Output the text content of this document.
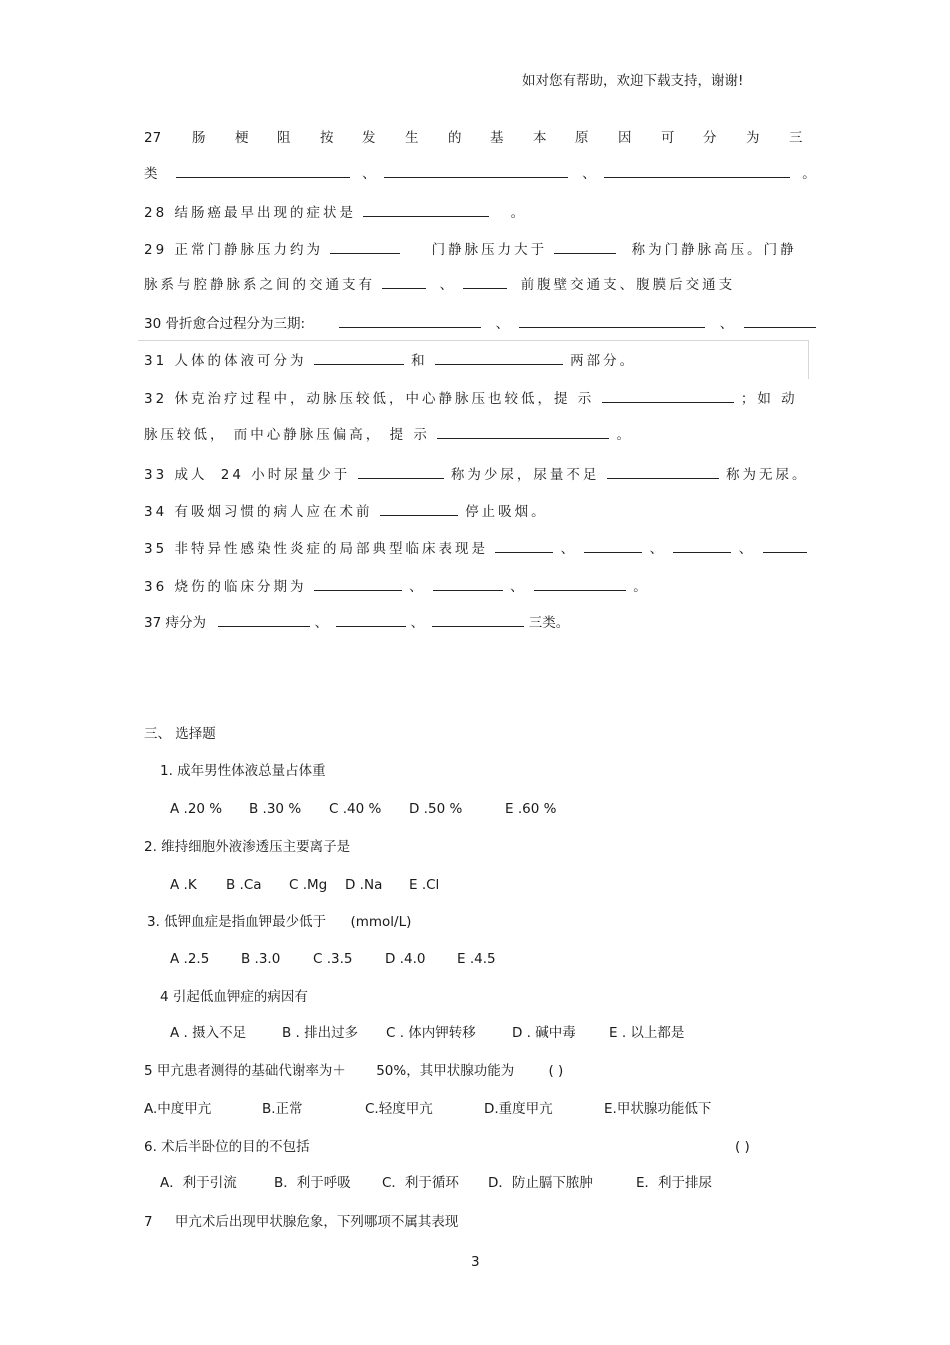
如对您有帮助，欢迎下载支持，谢谢!
27 肠 梗 阻 按 发 生 的 基 本 原 因 可 分 为 三
类	、	、	。
28 结肠癌最早出现的症状是	。
29 正常门静脉压力约为	门静脉压力大于	称为门静脉高压。门静
脉系与腔静脉系之间的交通支有	、	前腹壁交通支、腹膜后交通支
30 骨折愈合过程分为三期:	、	、
31 人体的体液可分为	和	两部分。
32 休克治疗过程中，动脉压较低，中心静脉压也较低，提 示	；如 动
脉压较低， 而中心静脉压偏高， 提 示	。
33 成人 24 小时尿量少于	称为少尿，尿量不足	称为无尿。
34 有吸烟习惯的病人应在术前	停止吸烟。
35 非特异性感染性炎症的局部典型临床表现是	、	、	、
36 烧伤的临床分期为	、	、	。
37 痔分为	、	、	三类。
三、 选择题
1. 成年男性体液总量占体重
A .20 % B .30 % C .40 % D .50 %	E .60 %
2. 维持细胞外液渗透压主要离子是
A .K B .Ca C .Mg D .Na E .Cl
3. 低钾血症是指血钾最少低于 (mmol/L)
A .2.5 B .3.0 C .3.5 D .4.0 E .4.5
4 引起低血钾症的病因有
A . 摄入不足	B . 排出过多 C . 体内钾转移	D . 碱中毒 E . 以上都是
5 甲亢患者测得的基础代谢率为＋ 50%，其甲状腺功能为	( )
A.中度甲亢	B.正常	C.轻度甲亢	D.重度甲亢	E.甲状腺功能低下
6. 术后半卧位的目的不包括	( )
A．利于引流	B．利于呼吸 C．利于循环 D．防止膈下脓肿	E．利于排尿
7 甲亢术后出现甲状腺危象，下列哪项不属其表现
3
